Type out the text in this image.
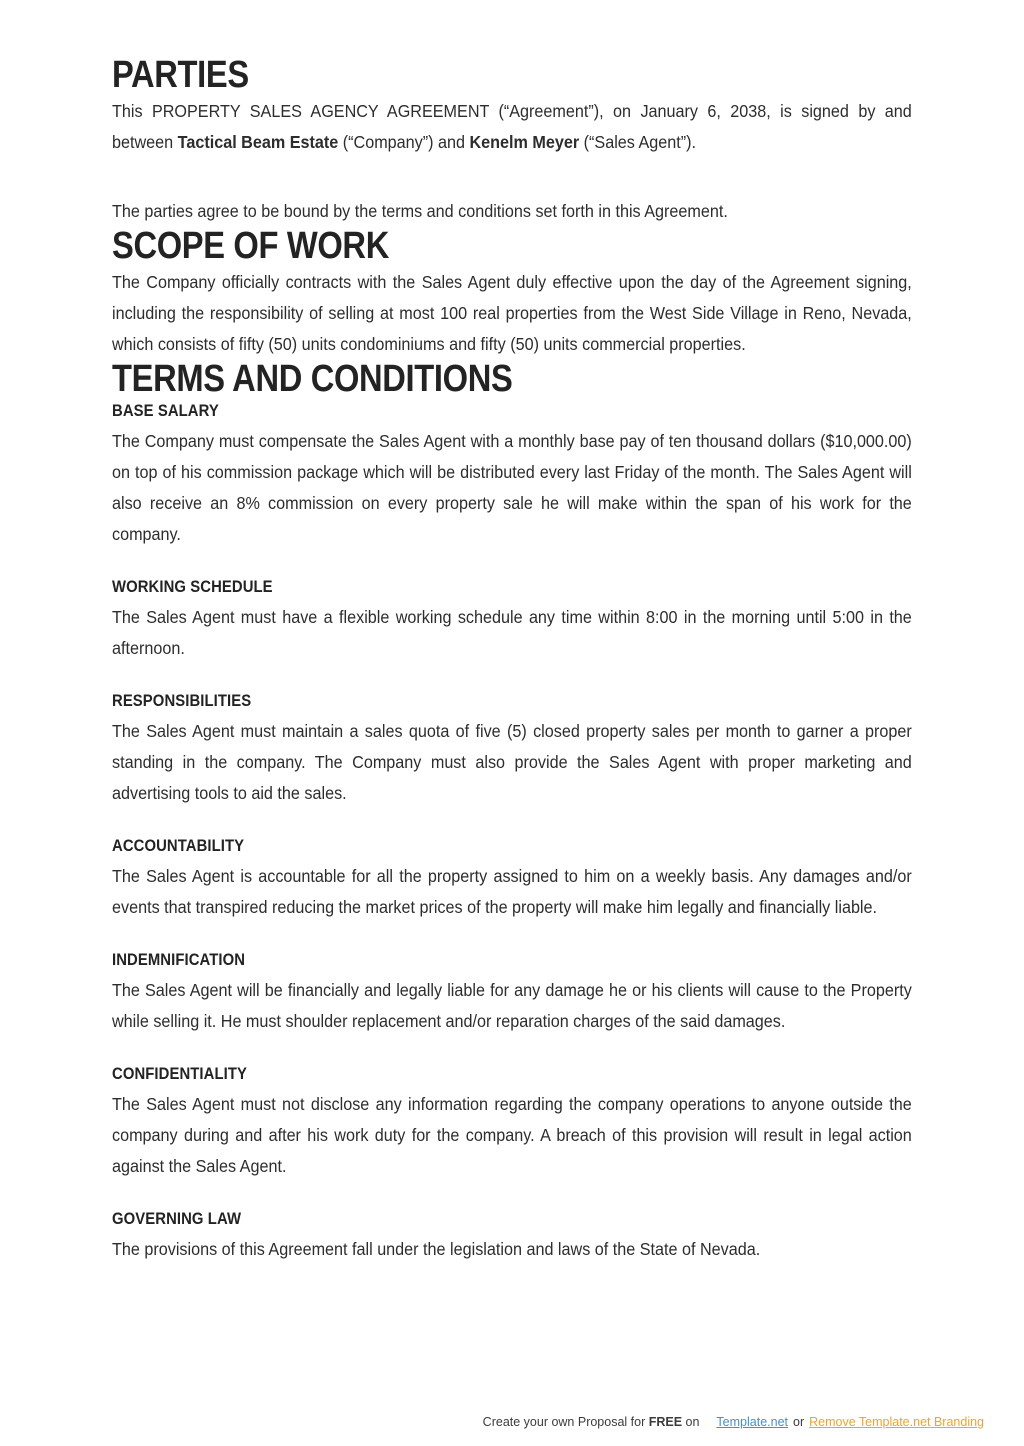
PARTIES

This PROPERTY SALES AGENCY AGREEMENT (“Agreement”), on January 6, 2038, is signed by and between Tactical Beam Estate (“Company”) and Kenelm Meyer (“Sales Agent”).

The parties agree to be bound by the terms and conditions set forth in this Agreement.

SCOPE OF WORK

The Company officially contracts with the Sales Agent duly effective upon the day of the Agreement signing, including the responsibility of selling at most 100 real properties from the West Side Village in Reno, Nevada, which consists of fifty (50) units condominiums and fifty (50) units commercial properties.

TERMS AND CONDITIONS
BASE SALARY

The Company must compensate the Sales Agent with a monthly base pay of ten thousand dollars ($10,000.00) on top of his commission package which will be distributed every last Friday of the month. The Sales Agent will also receive an 8% commission on every property sale he will make within the span of his work for the company.

WORKING SCHEDULE

The Sales Agent must have a flexible working schedule any time within 8:00 in the morning until 5:00 in the afternoon.

RESPONSIBILITIES

The Sales Agent must maintain a sales quota of five (5) closed property sales per month to garner a proper standing in the company. The Company must also provide the Sales Agent with proper marketing and advertising tools to aid the sales.

ACCOUNTABILITY

The Sales Agent is accountable for all the property assigned to him on a weekly basis. Any damages and/or events that transpired reducing the market prices of the property will make him legally and financially liable.

INDEMNIFICATION

The Sales Agent will be financially and legally liable for any damage he or his clients will cause to the Property while selling it. He must shoulder replacement and/or reparation charges of the said damages.

CONFIDENTIALITY

The Sales Agent must not disclose any information regarding the company operations to anyone outside the company during and after his work duty for the company. A breach of this provision will result in legal action against the Sales Agent.

GOVERNING LAW

The provisions of this Agreement fall under the legislation and laws of the State of Nevada.

Create your own Proposal for FREE on Template.net or Remove Template.net Branding
